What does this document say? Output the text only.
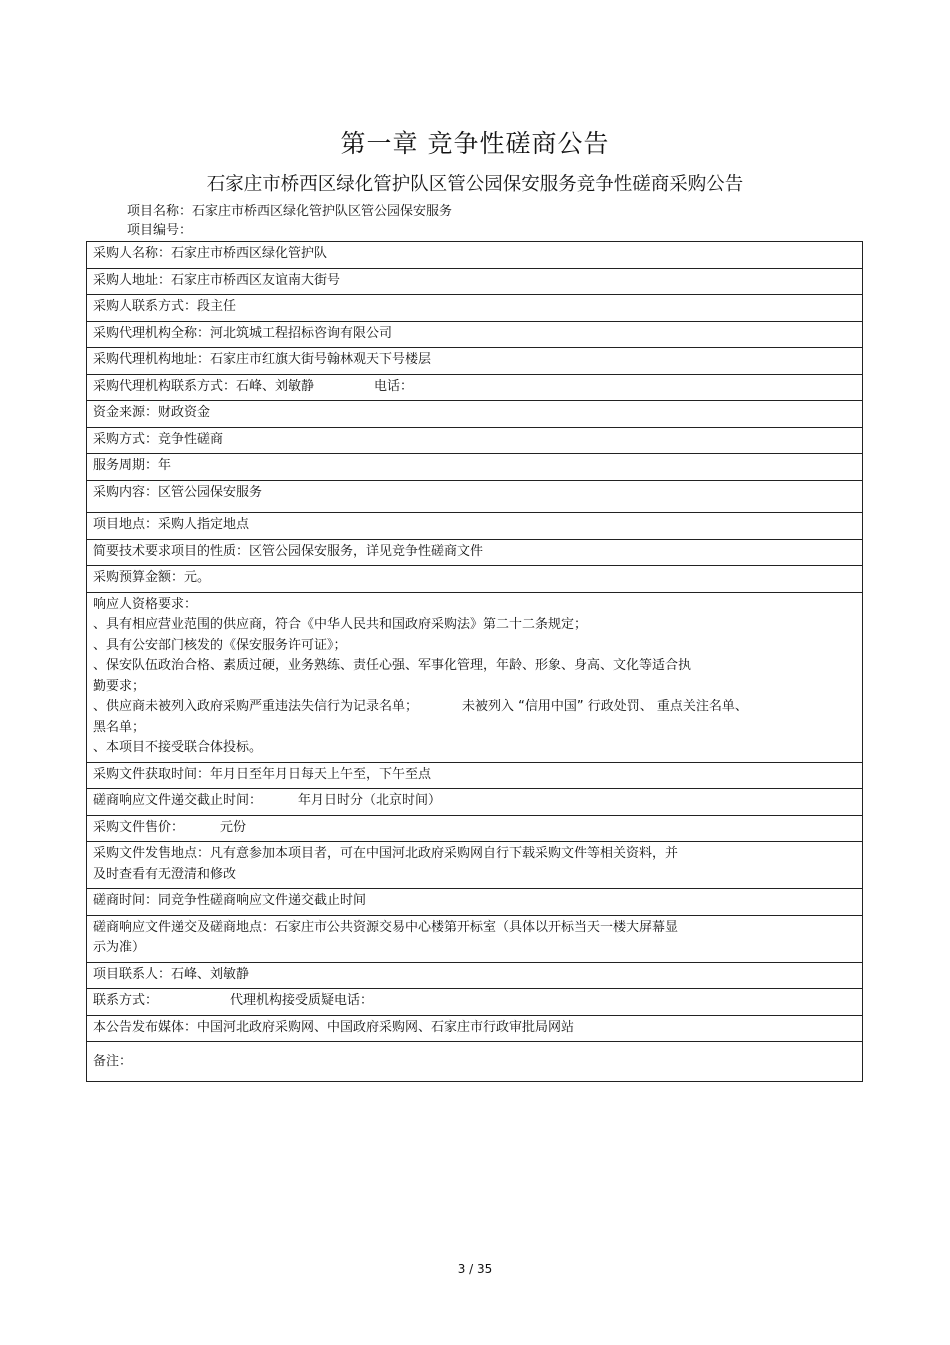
第一章 竞争性磋商公告
石家庄市桥西区绿化管护队区管公园保安服务竞争性磋商采购公告
项目名称：石家庄市桥西区绿化管护队区管公园保安服务
项目编号：
采购人名称：石家庄市桥西区绿化管护队
采购人地址：石家庄市桥西区友谊南大街号
采购人联系方式：段主任
采购代理机构全称：河北筑城工程招标咨询有限公司
采购代理机构地址：石家庄市红旗大街号翰林观天下号楼层
采购代理机构联系方式：石峰、刘敏静	电话：
资金来源：财政资金
采购方式：竞争性磋商
服务周期：年
采购内容：区管公园保安服务
项目地点：采购人指定地点
简要技术要求项目的性质：区管公园保安服务，详见竞争性磋商文件
采购预算金额：元。

响应人资格要求：
、具有相应营业范围的供应商，符合《中华人民共和国政府采购法》第二十二条规定；
、具有公安部门核发的《保安服务许可证》；
、保安队伍政治合格、素质过硬，业务熟练、责任心强、军事化管理，年龄、形象、身高、文化等适合执
勤要求；
、供应商未被列入政府采购严重违法失信行为记录名单；	未被列入 “信用中国” 行政处罚、 重点关注名单、
黑名单；
、本项目不接受联合体投标。

采购文件获取时间：年月日至年月日每天上午至，下午至点
磋商响应文件递交截止时间：	年月日时分（北京时间）
采购文件售价：	元份

采购文件发售地点：凡有意参加本项目者，可在中国河北政府采购网自行下载采购文件等相关资料，并
及时查看有无澄清和修改

磋商时间：同竞争性磋商响应文件递交截止时间

磋商响应文件递交及磋商地点：石家庄市公共资源交易中心楼第开标室（具体以开标当天一楼大屏幕显
示为准）

项目联系人：石峰、刘敏静
联系方式：	代理机构接受质疑电话：
本公告发布媒体：中国河北政府采购网、中国政府采购网、石家庄市行政审批局网站
备注：
3 / 35
